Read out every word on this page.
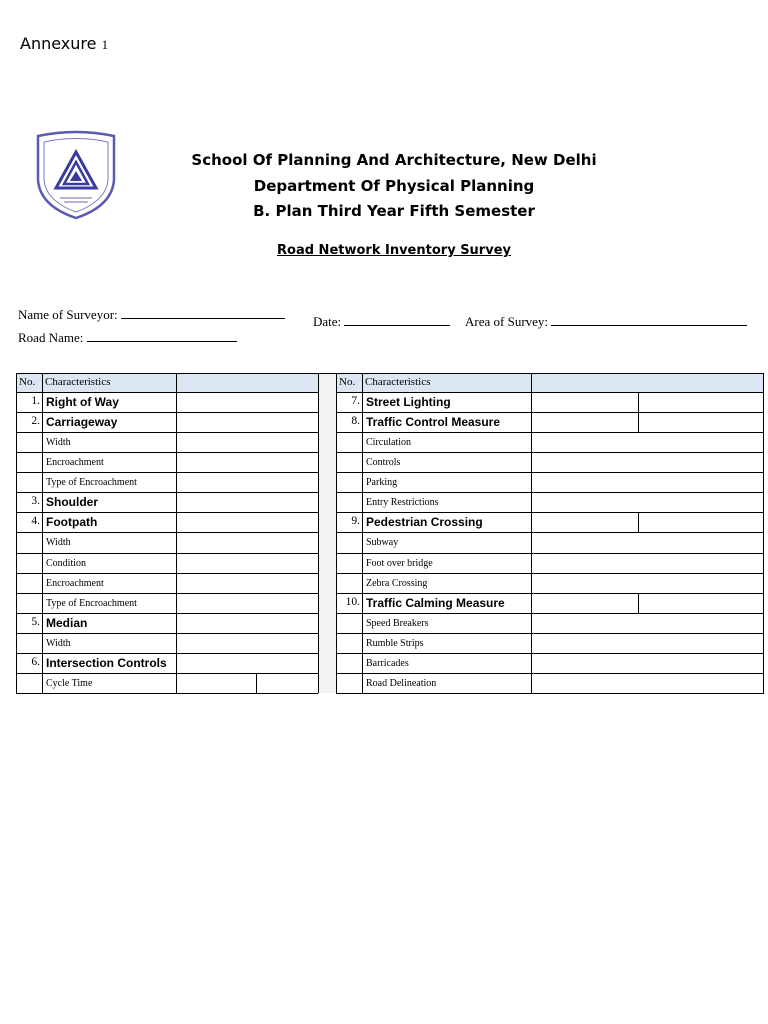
Annexure 1
School Of Planning And Architecture, New Delhi
Department Of Physical Planning
B. Plan Third Year Fifth Semester
Road Network Inventory Survey
Name of Surveyor:	Date:	Area of Survey:
Road Name:
No. Characteristics	No. Characteristics
1. Right of Way
2. Carriageway
Width
Encroachment
Type of Encroachment
3. Shoulder
4. Footpath
Width
Condition
Encroachment
Type of Encroachment
5. Median
Width
6. Intersection Controls
Cycle Time
7. Street Lighting
8. Traffic Control Measure
Circulation
Controls
Parking
Entry Restrictions
9. Pedestrian Crossing
Subway
Foot over bridge
Zebra Crossing
10. Traffic Calming Measure
Speed Breakers
Rumble Strips
Barricades
Road Delineation
